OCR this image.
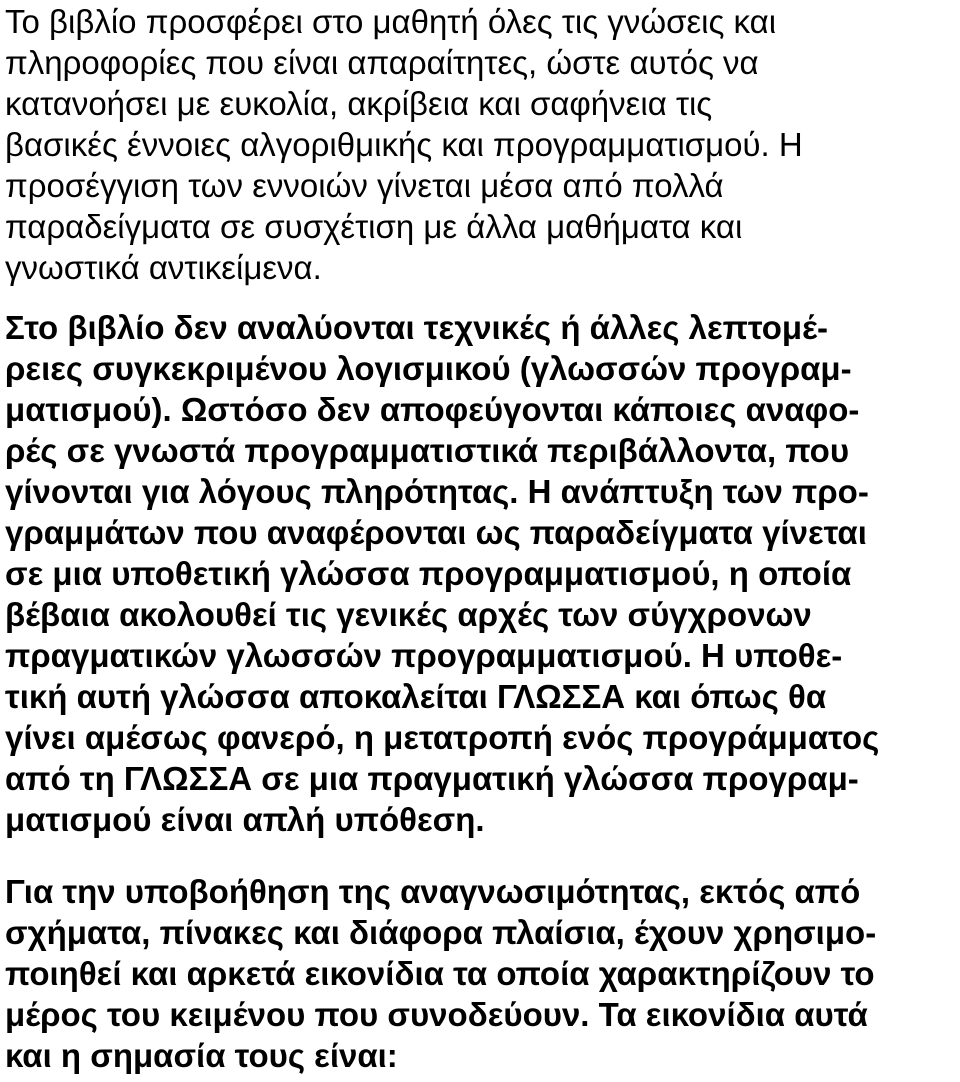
Το βιβλίο προσφέρει στο μαθητή όλες τις γνώσεις και

πληροφορίες που είναι απαραίτητες, ώστε αυτός να

κατανοήσει με ευκολία, ακρίβεια και σαφήνεια τις

βασικές έννοιες αλγοριθμικής και προγραμματισμού. Η

προσέγγιση των εννοιών γίνεται μέσα από πολλά

παραδείγματα σε συσχέτιση με άλλα μαθήματα και

γνωστικά αντικείμενα.

Στο βιβλίο δεν αναλύονται τεχνικές ή άλλες λεπτομέ-

ρειες συγκεκριμένου λογισμικού (γλωσσών προγραμ-

ματισμού). Ωστόσο δεν αποφεύγονται κάποιες αναφο-

ρές σε γνωστά προγραμματιστικά περιβάλλοντα, που

γίνονται για λόγους πληρότητας. Η ανάπτυξη των προ-

γραμμάτων που αναφέρονται ως παραδείγματα γίνεται

σε μια υποθετική γλώσσα προγραμματισμού, η οποία

βέβαια ακολουθεί τις γενικές αρχές των σύγχρονων

πραγματικών γλωσσών προγραμματισμού. Η υποθε-

τική αυτή γλώσσα αποκαλείται ΓΛΩΣΣΑ και όπως θα

γίνει αμέσως φανερό, η μετατροπή ενός προγράμματος

από τη ΓΛΩΣΣΑ σε μια πραγματική γλώσσα προγραμ-

ματισμού είναι απλή υπόθεση.

Για την υποβοήθηση της αναγνωσιμότητας, εκτός από

σχήματα, πίνακες και διάφορα πλαίσια, έχουν χρησιμο-

ποιηθεί και αρκετά εικονίδια τα οποία χαρακτηρίζουν το

μέρος του κειμένου που συνοδεύουν. Τα εικονίδια αυτά

και η σημασία τους είναι:
